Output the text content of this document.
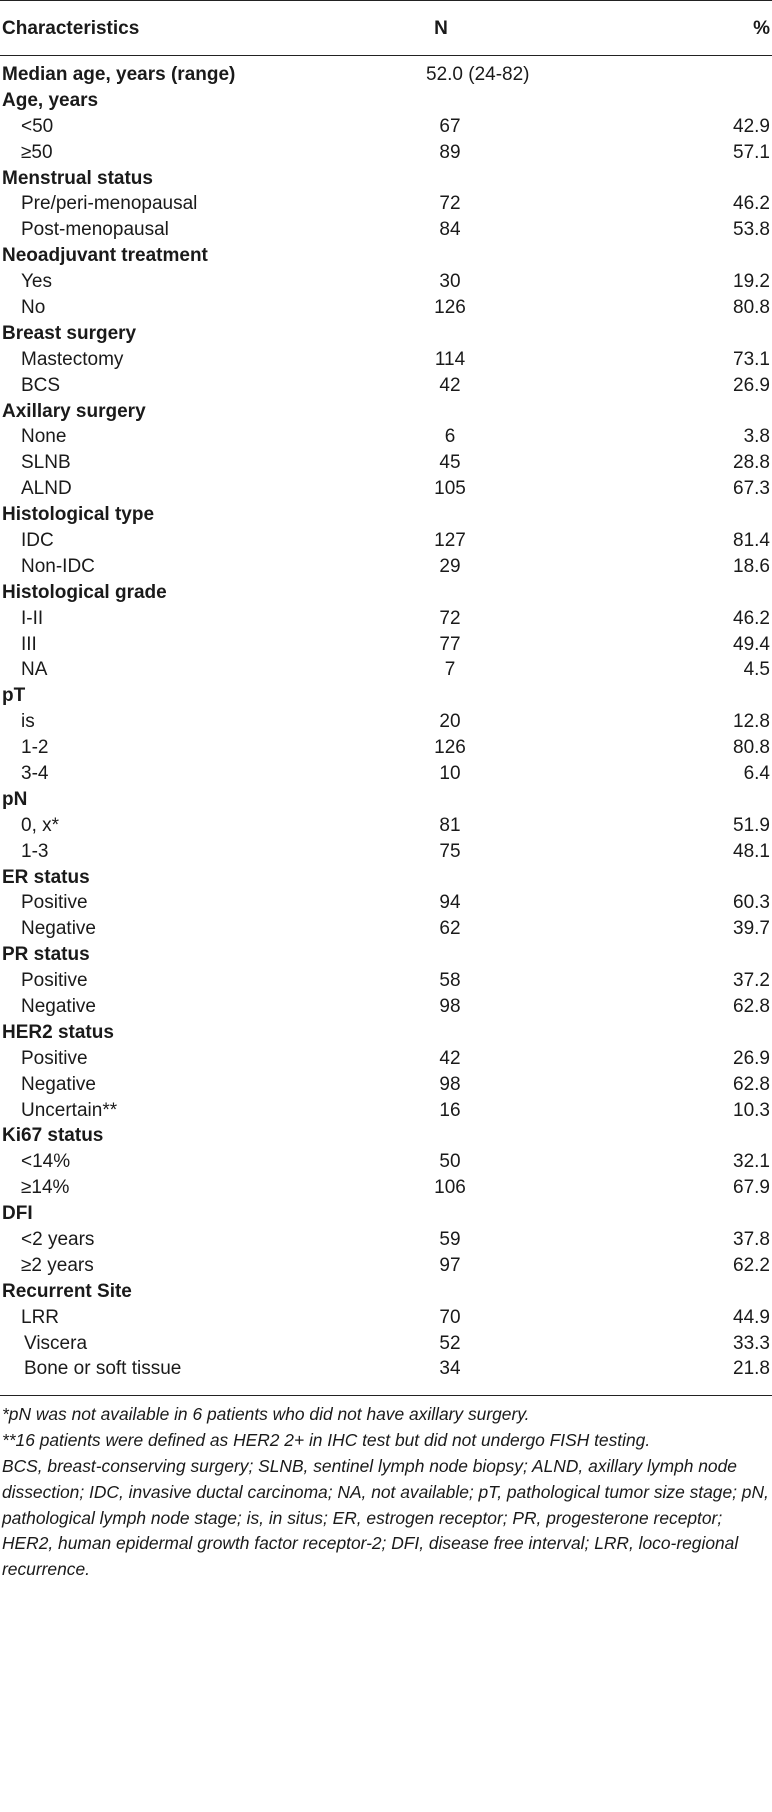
Characteristics	N	%
Median age, years (range)	52.0 (24-82)
Age, years
<50	67	42.9
≥50	89	57.1
Menstrual status
Pre/peri-menopausal	72	46.2
Post-menopausal	84	53.8
Neoadjuvant treatment
Yes	30	19.2
No	126	80.8
Breast surgery
Mastectomy	114	73.1
BCS	42	26.9
Axillary surgery
None	6	3.8
SLNB	45	28.8
ALND	105	67.3
Histological type
IDC	127	81.4
Non-IDC	29	18.6
Histological grade
I-II	72	46.2
III	77	49.4
NA	7	4.5
pT
is	20	12.8
1-2	126	80.8
3-4	10	6.4
pN
0, x*	81	51.9
1-3	75	48.1
ER status
Positive	94	60.3
Negative	62	39.7
PR status
Positive	58	37.2
Negative	98	62.8
HER2 status
Positive	42	26.9
Negative	98	62.8
Uncertain**	16	10.3
Ki67 status
<14%	50	32.1
≥14%	106	67.9
DFI
<2 years	59	37.8
≥2 years	97	62.2
Recurrent Site
LRR	70	44.9
Viscera	52	33.3
Bone or soft tissue	34	21.8

*pN was not available in 6 patients who did not have axillary surgery.

**16 patients were defined as HER2 2+ in IHC test but did not undergo FISH testing.

BCS, breast-conserving surgery; SLNB, sentinel lymph node biopsy; ALND, axillary lymph node dissection; IDC, invasive ductal carcinoma; NA, not available; pT, pathological tumor size stage; pN, pathological lymph node stage; is, in situs; ER, estrogen receptor; PR, progesterone receptor; HER2, human epidermal growth factor receptor-2; DFI, disease free interval; LRR, loco-regional recurrence.
